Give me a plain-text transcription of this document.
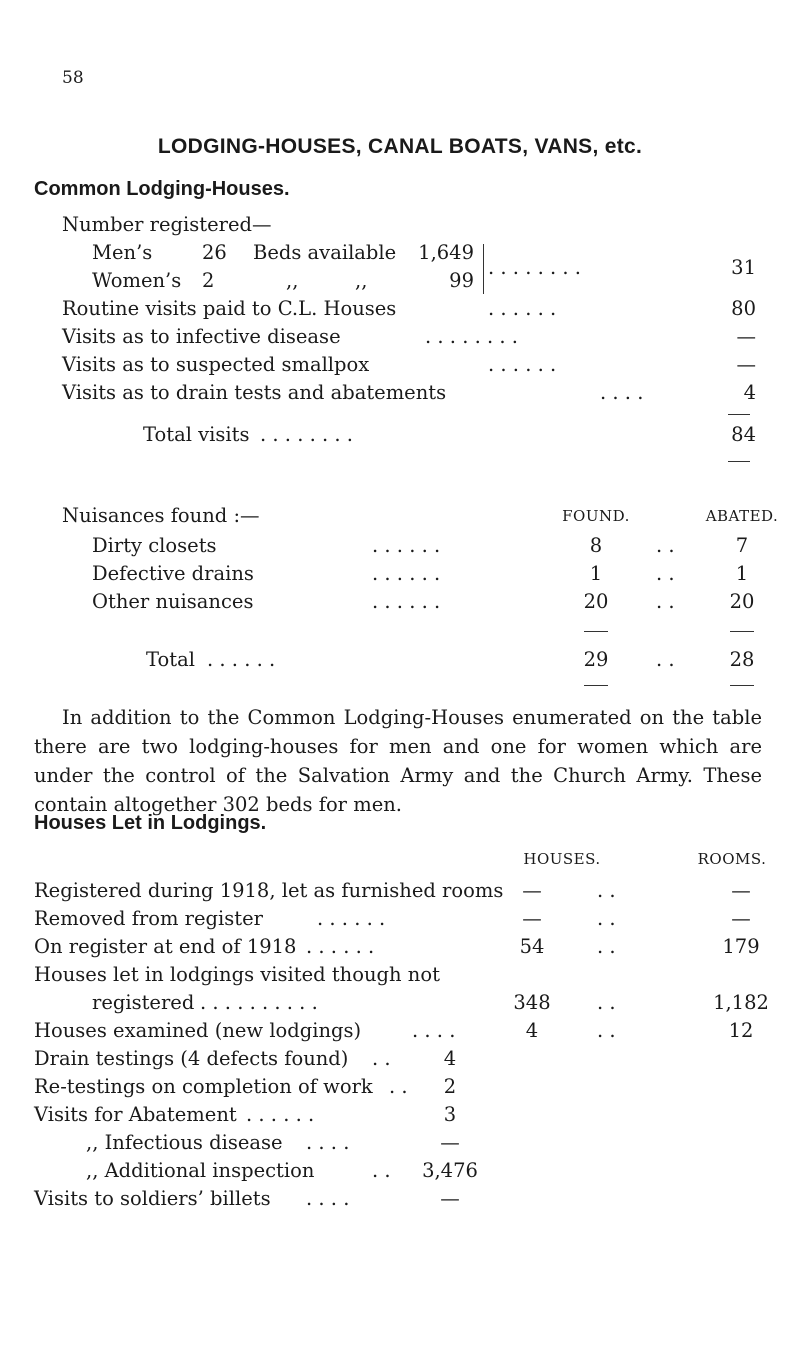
58
LODGING-HOUSES, CANAL BOATS, VANS, etc.
Common Lodging-Houses.
Number registered—
Men’s	26 Beds available	1,649
Women’s 2	,,	,,	99
. . . . . . . .	31
Routine visits paid to C.L. Houses	. . . . . .	80
Visits as to infective disease	. . . . . . . .	—
Visits as to suspected smallpox	. . . . . .	—
Visits as to drain tests and abatements	. . . .	4
Total visits . . . . . . . .	84
Nuisances found :—	FOUND.	ABATED.
Dirty closets	. . . . . .	8	. .	7
Defective drains	. . . . . .	1	. .	1
Other nuisances	. . . . . .	20	. .	20
Total . . . . . .	29	. .	28
In addition to the Common Lodging-Houses enumerated on the table there are two lodging-houses for men and one for women which are under the control of the Salvation Army and the Church Army. These contain altogether 302 beds for men.
Houses Let in Lodgings.
HOUSES.	ROOMS.
Registered during 1918, let as furnished rooms —	. .	—
Removed from register	. . . . . .	—	. .	—
On register at end of 1918 . . . . . .	54	. .	179
Houses let in lodgings visited though not
registered . . . . . . . . . .	348	. .	1,182
Houses examined (new lodgings)	. . . .	4	. .	12
Drain testings (4 defects found) . .	4
Re-testings on completion of work . .	2
Visits for Abatement . . . . . .	3
,, Infectious disease . . . .	—
,, Additional inspection	. .	3,476
Visits to soldiers’ billets . . . .	—
